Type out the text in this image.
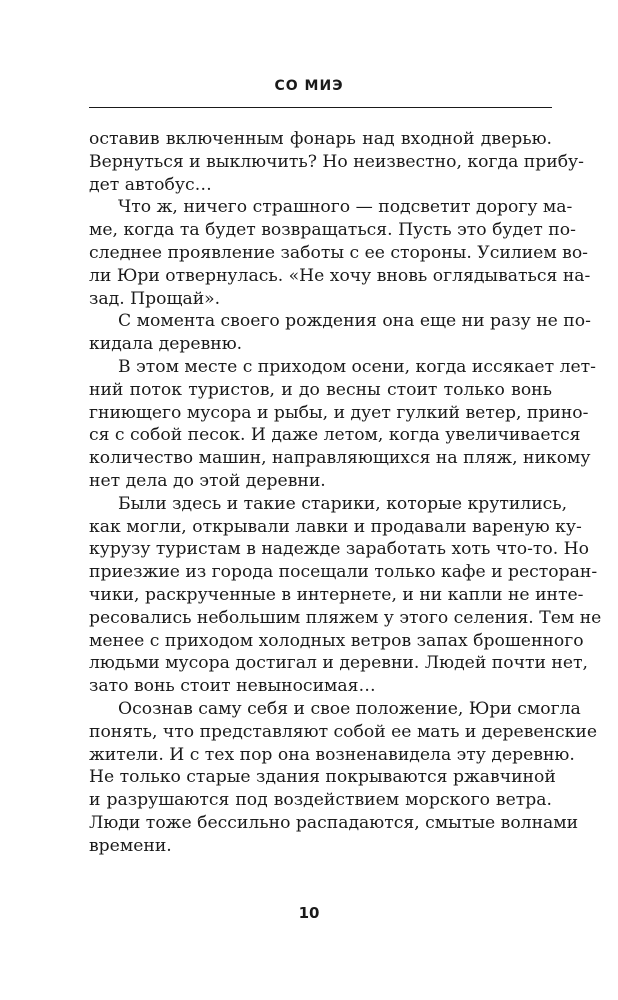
СО МИЭ
оставив включенным фонарь над входной дверью.
Вернуться и выключить? Но неизвестно, когда прибу-
дет автобус…
Что ж, ничего страшного — подсветит дорогу ма-
ме, когда та будет возвращаться. Пусть это будет по-
следнее проявление заботы с ее стороны. Усилием во-
ли Юри отвернулась. «Не хочу вновь оглядываться на-
зад. Прощай».
С момента своего рождения она еще ни разу не по-
кидала деревню.
В этом месте с приходом осени, когда иссякает лет-
ний поток туристов, и до весны стоит только вонь
гниющего мусора и рыбы, и дует гулкий ветер, прино-
ся с собой песок. И даже летом, когда увеличивается
количество машин, направляющихся на пляж, никому
нет дела до этой деревни.
Были здесь и такие старики, которые крутились,
как могли, открывали лавки и продавали вареную ку-
курузу туристам в надежде заработать хоть что-то. Но
приезжие из города посещали только кафе и ресторан-
чики, раскрученные в интернете, и ни капли не инте-
ресовались небольшим пляжем у этого селения. Тем не
менее с приходом холодных ветров запах брошенного
людьми мусора достигал и деревни. Людей почти нет,
зато вонь стоит невыносимая…
Осознав саму себя и свое положение, Юри смогла
понять, что представляют собой ее мать и деревенские
жители. И с тех пор она возненавидела эту деревню.
Не только старые здания покрываются ржавчиной
и разрушаются под воздействием морского ветра.
Люди тоже бессильно распадаются, смытые волнами
времени.
10
